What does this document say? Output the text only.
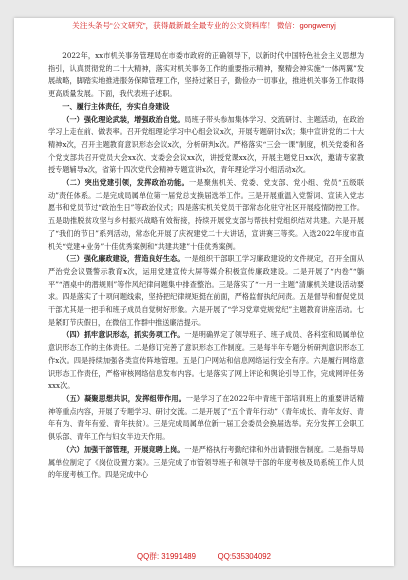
关注头条号“公文研究”，获得最新最全最专业的公文资料库！ 微信：gongwenyj

2022年，xx市机关事务管理局在市委市政府的正确领导下，以新时代中国特色社会主义思想为指引，认真贯彻党的二十大精神，落实对机关事务工作的重要指示精神，聚精会神实施“一体两翼”发展战略，脚踏实地推进服务保障管理工作，坚持过紧日子，勤俭办一切事业，推进机关事务工作取得更高质量发展。下面，我代表班子述职。

一、履行主体责任，夯实自身建设

（一）强化理论武装，增强政治自觉。局班子带头参加集体学习、交流研讨、主题活动，在政治学习上走在前、做表率。召开党组理论学习中心组会议x次，开展专题研讨x次；集中宣讲党的二十大精神x次，召开主题教育意识形态会议x次，分析研判x次。严格落实“三会一课”制度，机关党委和各个党支部共召开党员大会xx次、支委会会议xx次，讲授党课xx次，开展主题党日xx次，邀请专家教授专题辅导x次，省第十四次党代会精神专题宣讲x次，青年理论学习小组活动x次。

（二）突出党建引领，发挥政治功能。一是聚焦机关、党委、党支部、党小组、党员“五级联动”责任体系。二是完成局属单位第一届党总支换届选举工作。三是开展重温入党誓词、宣读入党志愿书和党员节过“政治生日”等政治仪式；四是落实机关党员干部常态化驻守社区开展疫情防控工作。五是助推脱贫攻坚与乡村振兴战略有效衔接，持续开展党支部与帮扶村党组织结对共建。六是开展了“我们的节日”系列活动，常态化开展了庆祝建党二十大讲话，宣讲赛三等奖。入选2022年度市直机关“党建+业务”十佳优秀案例和“共建共建”十佳优秀案例。

（三）强化廉政建设，营造良好生态。一是组织干部职工学习廉政建设的文件规定，召开全面从严治党会议暨警示教育x次，运用党建宣传大屏等媒介积极宣传廉政建设。二是开展了“内卷”“躺平”“酒桌中的潜规则”等作风纪律问题集中排查整治。三是落实了“一月一主题”清廉机关建设活动要求。四是落实了十项问题线索，坚持把纪律规矩挺在前面，严格监督执纪问责。五是督导和督促党员干部尤其是一把手和班子成员自觉树好形象。六是开展了“学习党章党规党纪”主题教育讲座活动。七是紧盯节庆假日，在微信工作群中推送廉洁提示。

（四）抓牢意识形态，抓实务项工作。一是明确界定了领导班子、班子成员、各科室和局属单位意识形态工作的主体责任。二是修订完善了意识形态工作制度。三是每半年专题分析研判意识形态工作x次。四是持续加强各类宣传阵地管理。五是门户网站和信息网络运行安全有序。六是履行网络意识形态工作责任，严格审核网络信息发布内容。七是落实了网上评论和舆论引导工作，完成网评任务xxx次。

（五）凝聚思想共识，发挥组带作用。一是学习了在2022年中青班干部培训班上的重要讲话精神等重点内容，开展了专题学习、研讨交流。二是开展了“五个青年行动”（青年成长、青年友好、青年有为、青年有爱、青年扶贫）。三是完成局属单位新一届工会委员会换届选举。充分发挥工会职工俱乐部、青年工作与妇女半边天作用。

（六）加强干部管理，开展竞聘上岗。一是严格执行考勤纪律和外出请假报告制度。二是指导局属单位制定了《岗位设置方案》。三是完成了市管领导班子和领导干部的年度考核及局系统工作人员的年度考核工作。四是完成中心

QQ群: 31991489	QQ:535304092
